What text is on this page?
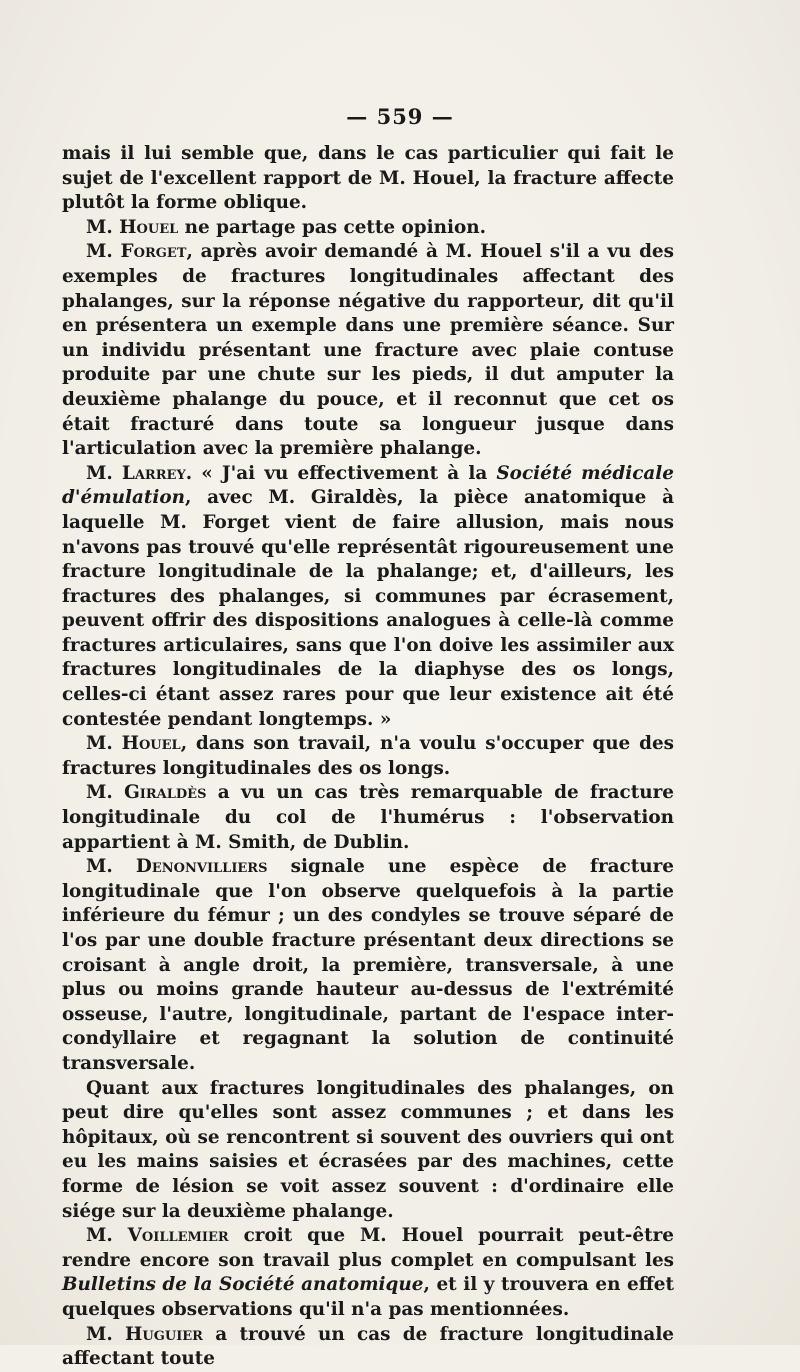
— 559 —

mais il lui semble que, dans le cas particulier qui fait le sujet de l'excellent rapport de M. Houel, la fracture affecte plutôt la forme oblique.

M. Houel ne partage pas cette opinion.

M. Forget, après avoir demandé à M. Houel s'il a vu des exemples de fractures longitudinales affectant des phalanges, sur la réponse négative du rapporteur, dit qu'il en présentera un exemple dans une première séance. Sur un individu présentant une fracture avec plaie contuse produite par une chute sur les pieds, il dut amputer la deuxième phalange du pouce, et il reconnut que cet os était fracturé dans toute sa longueur jusque dans l'articulation avec la première phalange.

M. Larrey. « J'ai vu effectivement à la Société médicale d'émulation, avec M. Giraldès, la pièce anatomique à laquelle M. Forget vient de faire allusion, mais nous n'avons pas trouvé qu'elle représentât rigoureusement une fracture longitudinale de la phalange; et, d'ailleurs, les fractures des phalanges, si communes par écrasement, peuvent offrir des dispositions analogues à celle-là comme fractures articulaires, sans que l'on doive les assimiler aux fractures longitudinales de la diaphyse des os longs, celles-ci étant assez rares pour que leur existence ait été contestée pendant longtemps. »

M. Houel, dans son travail, n'a voulu s'occuper que des fractures longitudinales des os longs.

M. Giraldès a vu un cas très remarquable de fracture longitudinale du col de l'humérus : l'observation appartient à M. Smith, de Dublin.

M. Denonvilliers signale une espèce de fracture longitudinale que l'on observe quelquefois à la partie inférieure du fémur ; un des condyles se trouve séparé de l'os par une double fracture présentant deux directions se croisant à angle droit, la première, transversale, à une plus ou moins grande hauteur au-dessus de l'extrémité osseuse, l'autre, longitudinale, partant de l'espace inter-condyllaire et regagnant la solution de continuité transversale.

Quant aux fractures longitudinales des phalanges, on peut dire qu'elles sont assez communes ; et dans les hôpitaux, où se rencontrent si souvent des ouvriers qui ont eu les mains saisies et écrasées par des machines, cette forme de lésion se voit assez souvent : d'ordinaire elle siége sur la deuxième phalange.

M. Voillemier croit que M. Houel pourrait peut-être rendre encore son travail plus complet en compulsant les Bulletins de la Société anatomique, et il y trouvera en effet quelques observations qu'il n'a pas mentionnées.

M. Huguier a trouvé un cas de fracture longitudinale affectant toute
